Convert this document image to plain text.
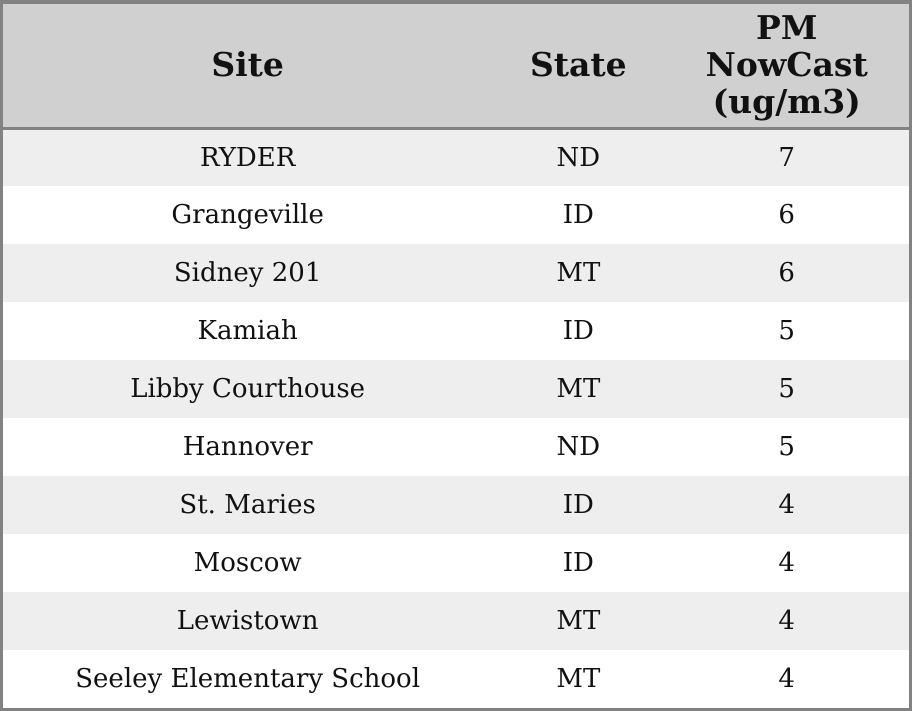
Site	State	PM
NowCast
(ug/m3)
RYDER	ND	7
Grangeville	ID	6
Sidney 201	MT	6
Kamiah	ID	5
Libby Courthouse	MT	5
Hannover	ND	5
St. Maries	ID	4
Moscow	ID	4
Lewistown	MT	4
Seeley Elementary School	MT	4
